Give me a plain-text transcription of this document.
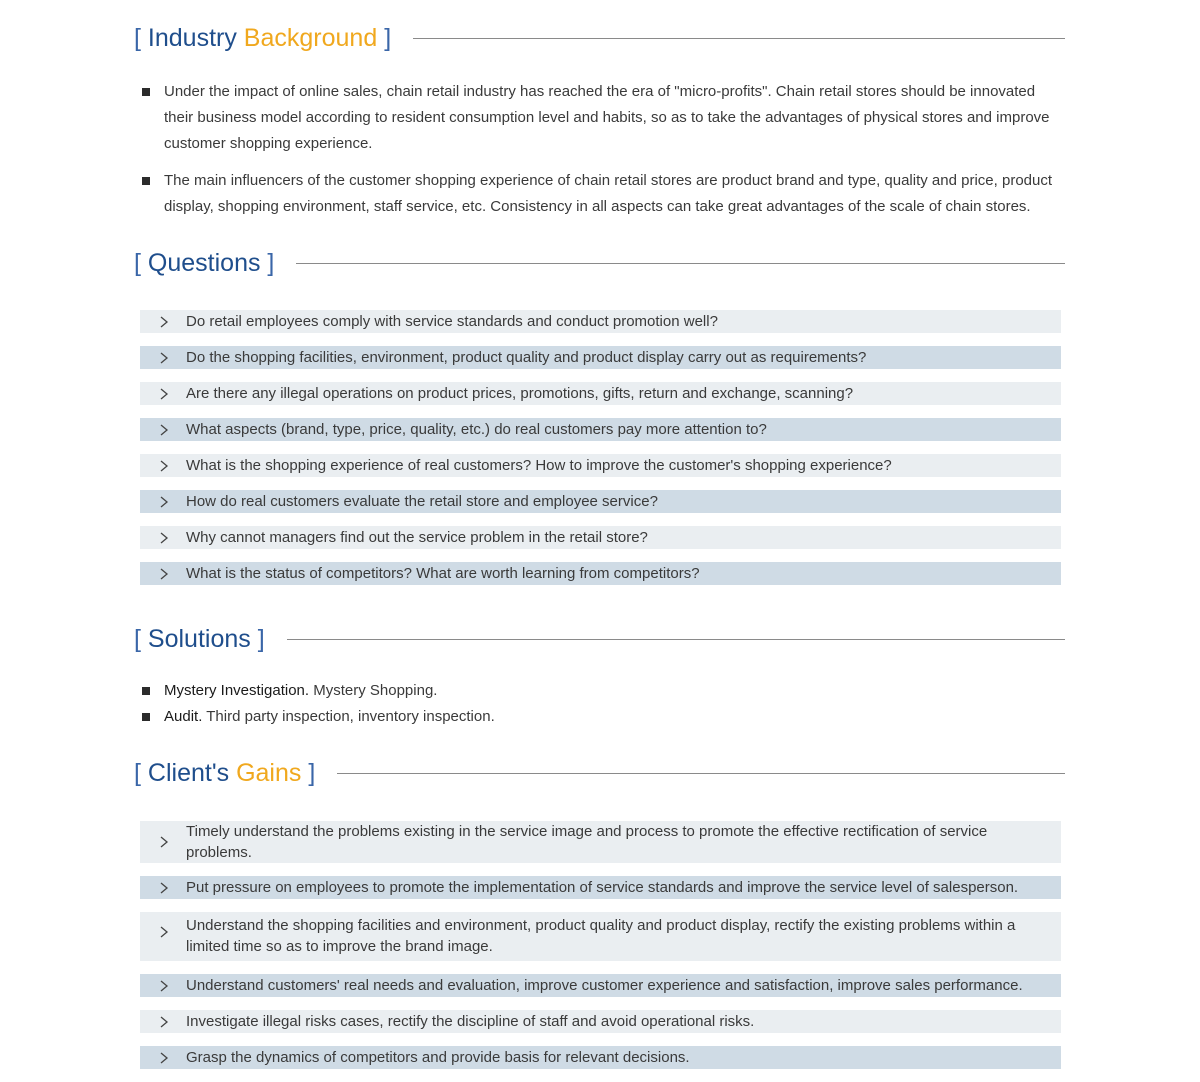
[ Industry Background ]
Under the impact of online sales, chain retail industry has reached the era of "micro-profits". Chain retail stores should be innovated their business model according to resident consumption level and habits, so as to take the advantages of physical stores and improve customer shopping experience.
The main influencers of the customer shopping experience of chain retail stores are product brand and type, quality and price, product display, shopping environment, staff service, etc. Consistency in all aspects can take great advantages of the scale of chain stores.
[ Questions ]
Do retail employees comply with service standards and conduct promotion well?
Do the shopping facilities, environment, product quality and product display carry out as requirements?
Are there any illegal operations on product prices, promotions, gifts, return and exchange, scanning?
What aspects (brand, type, price, quality, etc.) do real customers pay more attention to?
What is the shopping experience of real customers? How to improve the customer's shopping experience?
How do real customers evaluate the retail store and employee service?
Why cannot managers find out the service problem in the retail store?
What is the status of competitors? What are worth learning from competitors?
[ Solutions ]
Mystery Investigation. Mystery Shopping.
Audit. Third party inspection, inventory inspection.
[ Client's Gains ]
Timely understand the problems existing in the service image and process to promote the effective rectification of service problems.
Put pressure on employees to promote the implementation of service standards and improve the service level of salesperson.
Understand the shopping facilities and environment, product quality and product display, rectify the existing problems within a limited time so as to improve the brand image.
Understand customers' real needs and evaluation, improve customer experience and satisfaction, improve sales performance.
Investigate illegal risks cases, rectify the discipline of staff and avoid operational risks.
Grasp the dynamics of competitors and provide basis for relevant decisions.
